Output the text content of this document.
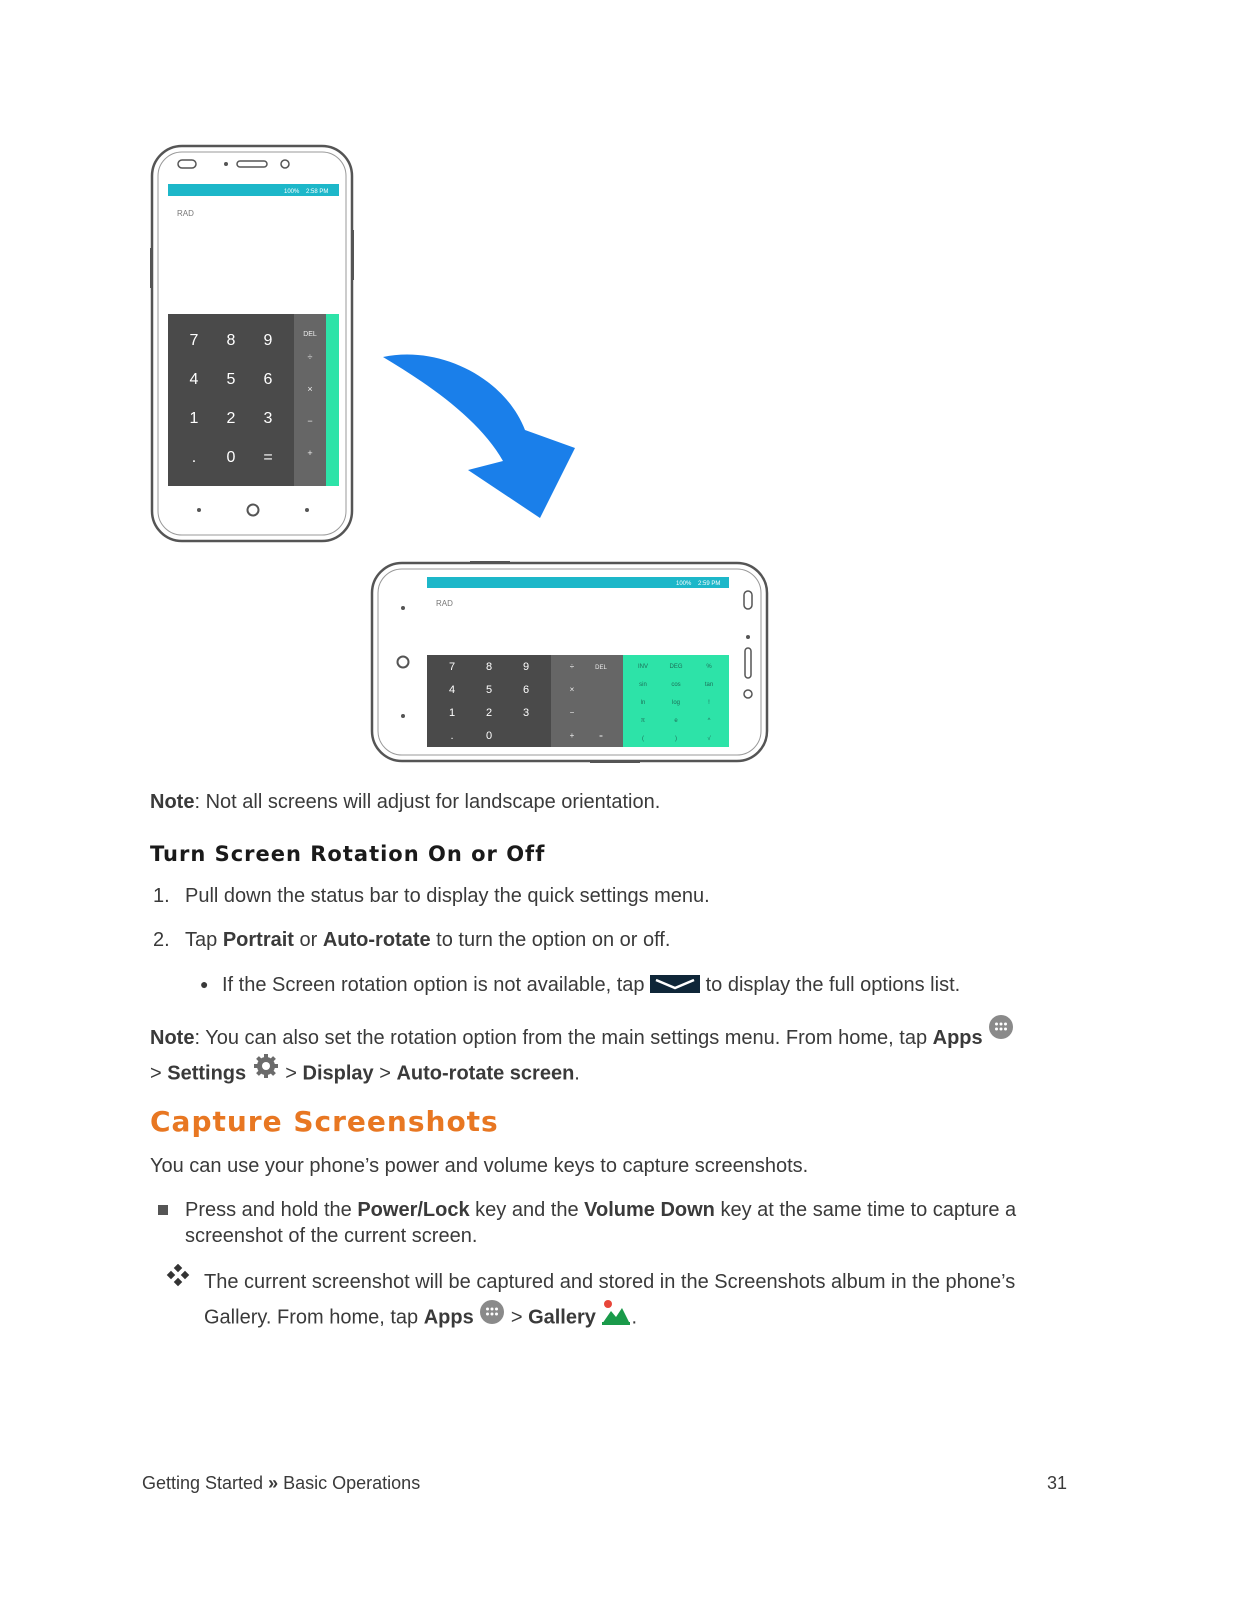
100% 2:58 PM
RAD
7 8 9
4 5 6
1 2 3
. 0 =
DEL
÷
×
−
+
100% 2:59 PM
RAD
7	8	9
4	5	6
1	2	3
.	0
÷	DEL
×
−
+	=
INV	DEG	%
sin	cos	tan
ln	log	!
π	e	^
(	)	√
Note: Not all screens will adjust for landscape orientation.
Turn Screen Rotation On or Off
1. Pull down the status bar to display the quick settings menu.
2. Tap Portrait or Auto-rotate to turn the option on or off.
● If the Screen rotation option is not available, tap	to display the full options list.
Note: You can also set the rotation option from the main settings menu. From home, tap Apps
> Settings  > Display > Auto-rotate screen.
Capture Screenshots
You can use your phone’s power and volume keys to capture screenshots.
Press and hold the Power/Lock key and the Volume Down key at the same time to capture a
screenshot of the current screen.
The current screenshot will be captured and stored in the Screenshots album in the phone’s
Gallery. From home, tap Apps  > Gallery .
Getting Started » Basic Operations	31
